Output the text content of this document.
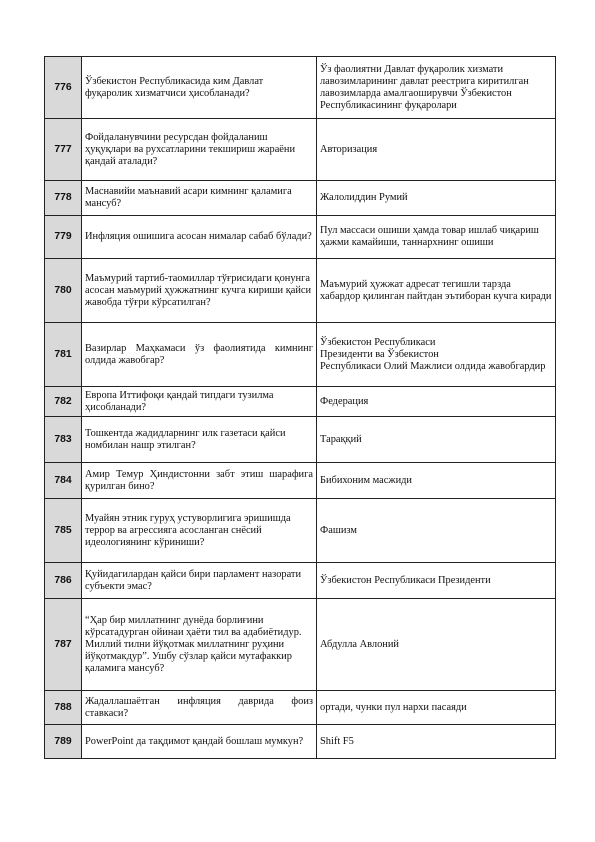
776	Ўзбекистон Республикасида ким Давлат фуқаролик хизматчиси ҳисобланади?	Ўз фаолиятни Давлат фуқаролик хизмати лавозимларининг давлат реестрига киритилган лавозимларда амалгаоширувчи Ўзбекистон Республикасининг фуқаролари
777	Фойдаланувчини ресурсдан фойдаланиш ҳуқуқлари ва рухсатларини текшириш жараёни қандай аталади?	Авторизация
778	Маснавийи маънавий асари кимнинг қаламига мансуб?	Жалолиддин Румий
779	Инфляция ошишига асосан нималар сабаб бўлади?	Пул массаси ошиши ҳамда товар ишлаб чиқариш ҳажми камайиши, таннархнинг ошиши
780	Маъмурий тартиб-таомиллар тўғрисидаги қонунга асосан маъмурий ҳужжатнинг кучга кириши қайси жавобда тўғри кўрсатилган?	Маъмурий ҳужжат адресат тегишли тарзда хабардор қилинган пайтдан эътиборан кучга киради
781	Вазирлар Маҳкамаси ўз фаолиятида кимнинг олдида жавобгар?	Ўзбекистон Республикаси
Президенти ва Ўзбекистон
Республикаси Олий Мажлиси олдида жавобгардир

782	Европа Иттифоқи қандай типдаги тузилма ҳисобланади?	Федерация
783	Тошкентда жадидларнинг илк газетаси қайси номбилан нашр этилган?	Тараққий
784	Амир Темур Ҳиндистонни забт этиш шарафига қурилган бино?	Бибихоним масжиди
785	Муайян этник гуруҳ устуворлигига эришишда террор ва агрессияга асосланган снёсий идеологиянинг кўриниши?	Фашизм
786	Қуйидагилардан қайси бири парламент назорати субъекти эмас?	Ўзбекистон Республикаси Президенти
787	“Ҳар бир миллатнинг дунёда борлиғини кўрсатадурган ойинаи ҳаёти тил ва адабиётидур. Миллий тилни йўқотмак миллатнинг руҳини йўқотмакдур”. Ушбу сўзлар қайси мутафаккир қаламига мансуб?	Абдулла Авлоний
788	Жадаллашаётган инфляция даврида фоиз ставкаси?	ортади, чунки пул нархи пасаяди
789	PowerPoint да тақдимот қандай бошлаш мумкун?	Shift F5
